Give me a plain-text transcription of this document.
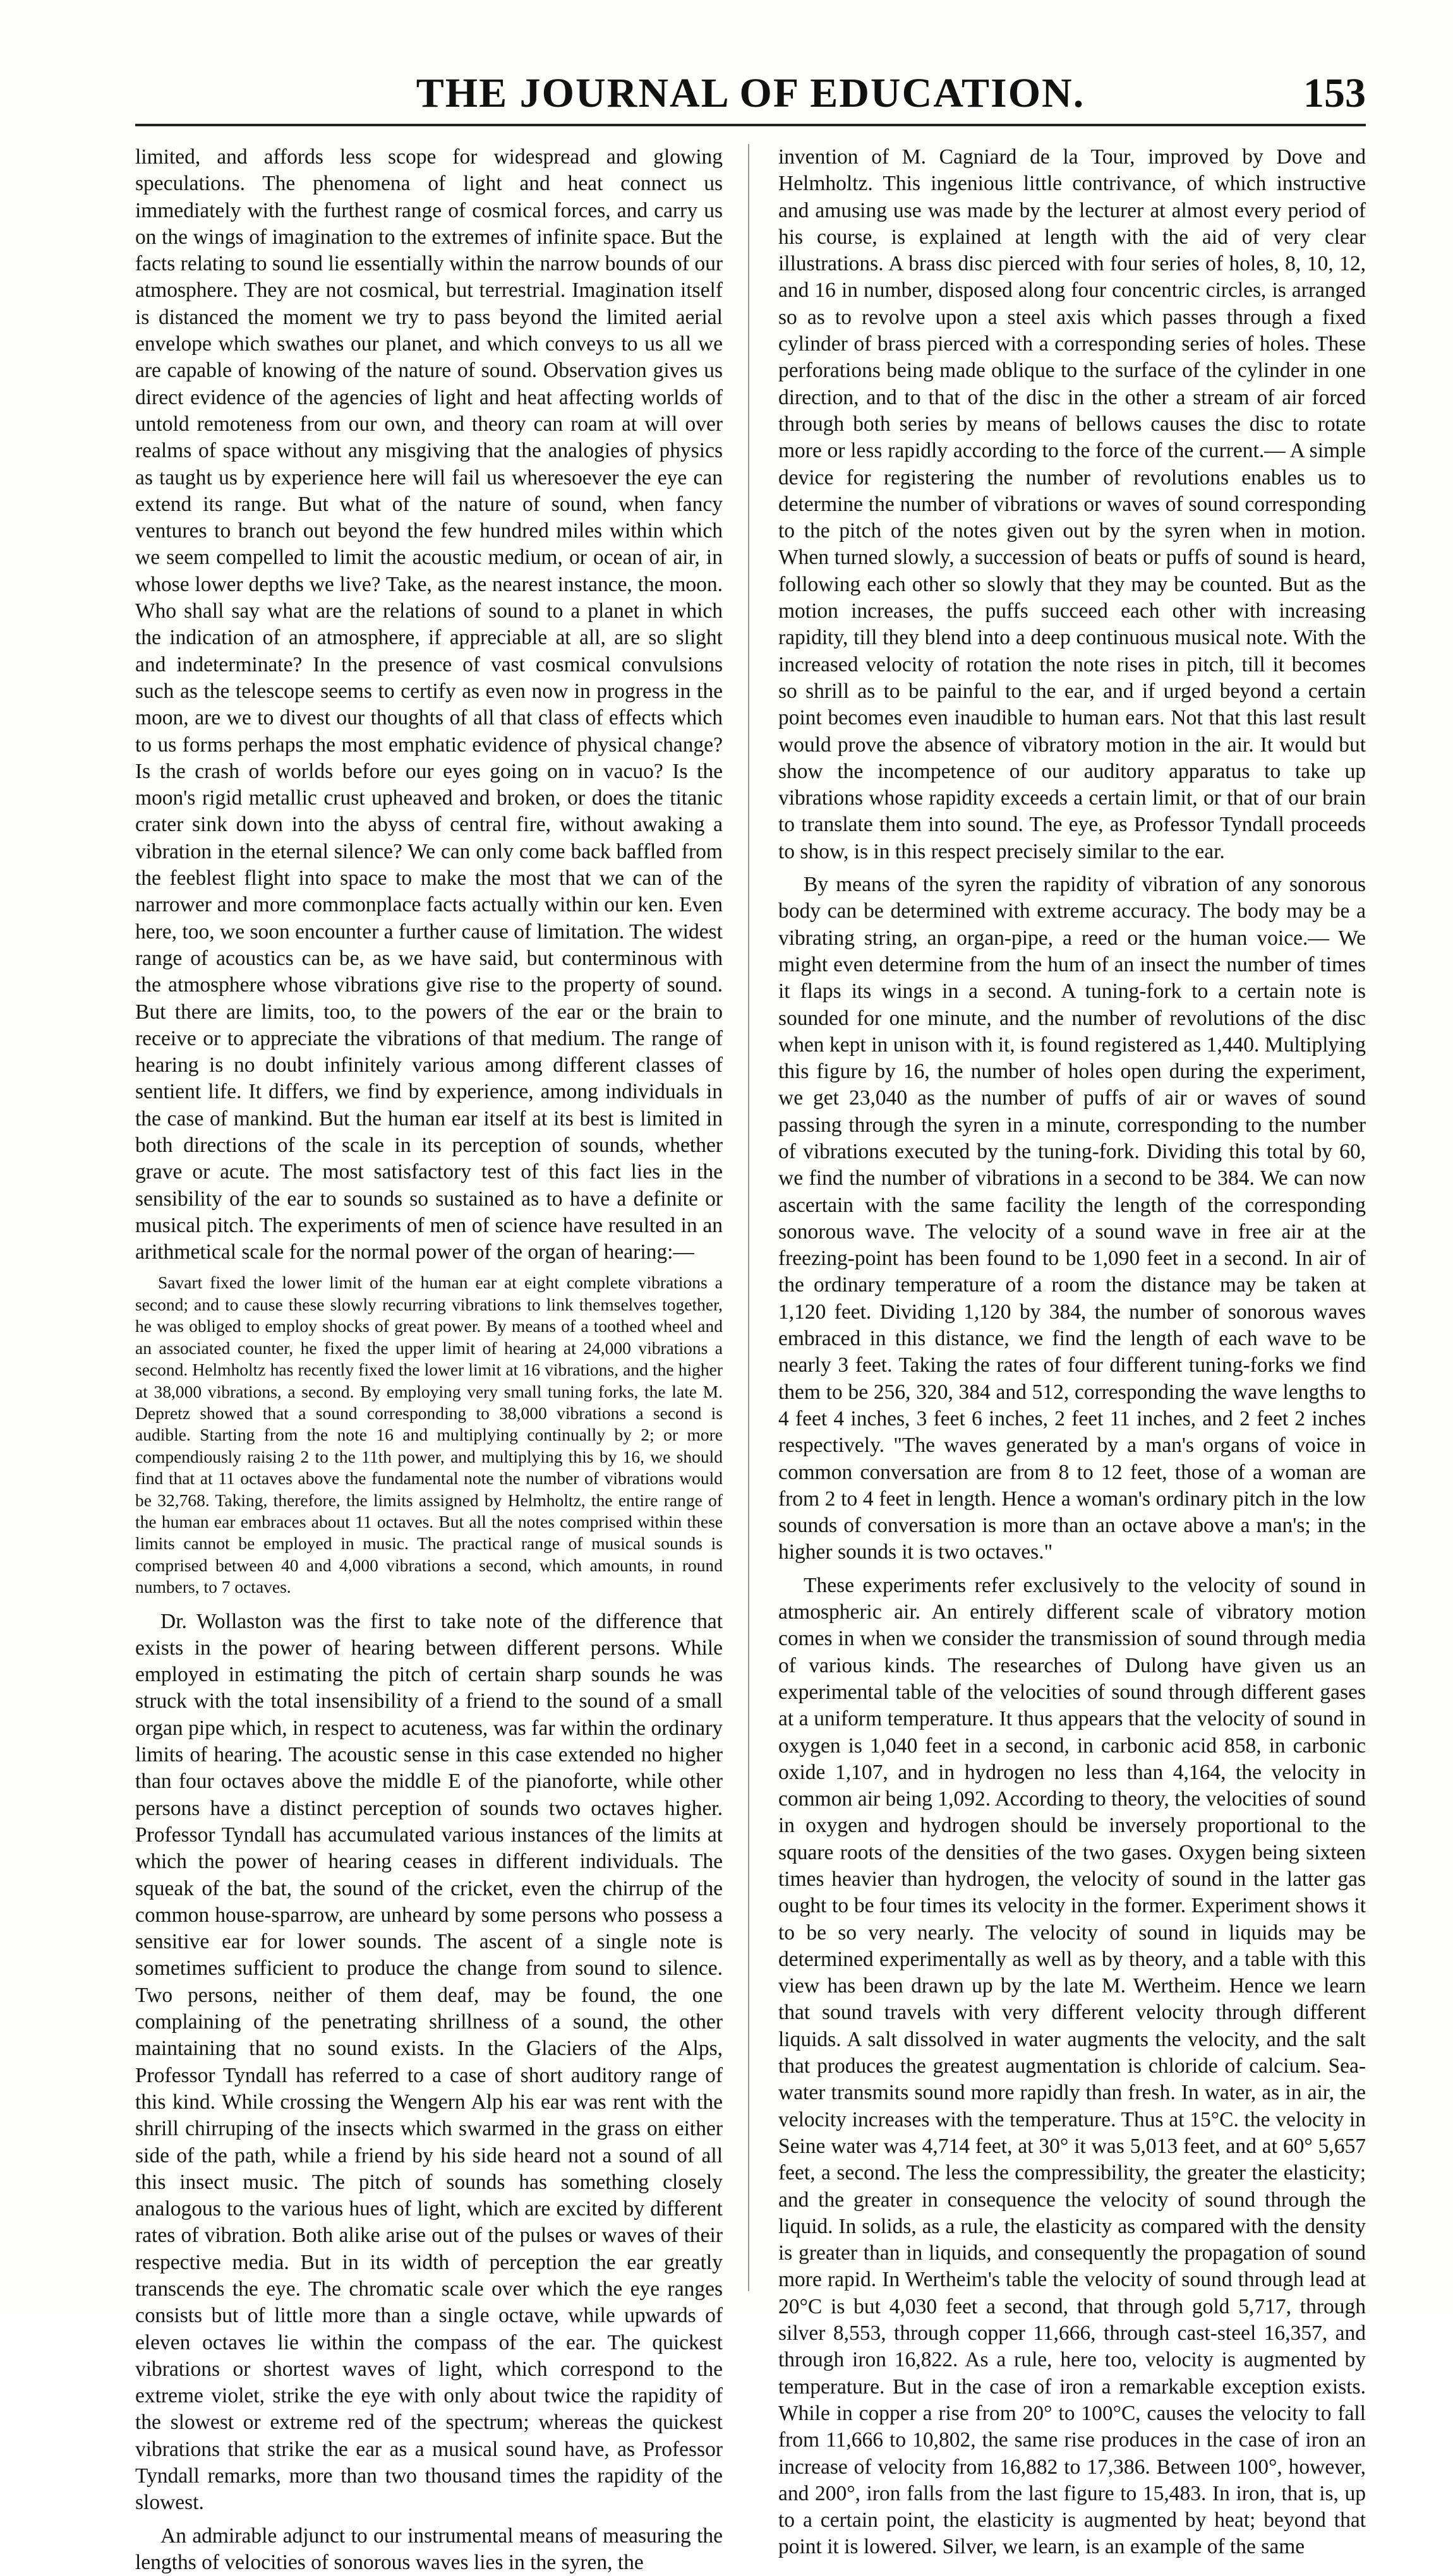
THE JOURNAL OF EDUCATION.	153

limited, and affords less scope for widespread and glowing speculations. The phenomena of light and heat connect us immediately with the furthest range of cosmical forces, and carry us on the wings of imagination to the extremes of infinite space. But the facts relating to sound lie essentially within the narrow bounds of our atmosphere. They are not cosmical, but terrestrial. Imagination itself is distanced the moment we try to pass beyond the limited aerial envelope which swathes our planet, and which conveys to us all we are capable of knowing of the nature of sound. Observation gives us direct evidence of the agencies of light and heat affecting worlds of untold remoteness from our own, and theory can roam at will over realms of space without any misgiving that the analogies of physics as taught us by experience here will fail us wheresoever the eye can extend its range. But what of the nature of sound, when fancy ventures to branch out beyond the few hundred miles within which we seem compelled to limit the acoustic medium, or ocean of air, in whose lower depths we live? Take, as the nearest instance, the moon. Who shall say what are the relations of sound to a planet in which the indication of an atmosphere, if appreciable at all, are so slight and indeterminate? In the presence of vast cosmical convulsions such as the telescope seems to certify as even now in progress in the moon, are we to divest our thoughts of all that class of effects which to us forms perhaps the most emphatic evidence of physical change? Is the crash of worlds before our eyes going on in vacuo? Is the moon's rigid metallic crust upheaved and broken, or does the titanic crater sink down into the abyss of central fire, without awaking a vibration in the eternal silence? We can only come back baffled from the feeblest flight into space to make the most that we can of the narrower and more commonplace facts actually within our ken. Even here, too, we soon encounter a further cause of limitation. The widest range of acoustics can be, as we have said, but conterminous with the atmosphere whose vibrations give rise to the property of sound. But there are limits, too, to the powers of the ear or the brain to receive or to appreciate the vibrations of that medium. The range of hearing is no doubt infinitely various among different classes of sentient life. It differs, we find by experience, among individuals in the case of mankind. But the human ear itself at its best is limited in both directions of the scale in its perception of sounds, whether grave or acute. The most satisfactory test of this fact lies in the sensibility of the ear to sounds so sustained as to have a definite or musical pitch. The experiments of men of science have resulted in an arithmetical scale for the normal power of the organ of hearing:—

Savart fixed the lower limit of the human ear at eight complete vibrations a second; and to cause these slowly recurring vibrations to link themselves together, he was obliged to employ shocks of great power. By means of a toothed wheel and an associated counter, he fixed the upper limit of hearing at 24,000 vibrations a second. Helmholtz has recently fixed the lower limit at 16 vibrations, and the higher at 38,000 vibrations, a second. By employing very small tuning forks, the late M. Depretz showed that a sound corresponding to 38,000 vibrations a second is audible. Starting from the note 16 and multiplying continually by 2; or more compendiously raising 2 to the 11th power, and multiplying this by 16, we should find that at 11 octaves above the fundamental note the number of vibrations would be 32,768. Taking, therefore, the limits assigned by Helmholtz, the entire range of the human ear embraces about 11 octaves. But all the notes comprised within these limits cannot be employed in music. The practical range of musical sounds is comprised between 40 and 4,000 vibrations a second, which amounts, in round numbers, to 7 octaves.

Dr. Wollaston was the first to take note of the difference that exists in the power of hearing between different persons. While employed in estimating the pitch of certain sharp sounds he was struck with the total insensibility of a friend to the sound of a small organ pipe which, in respect to acuteness, was far within the ordinary limits of hearing. The acoustic sense in this case extended no higher than four octaves above the middle E of the pianoforte, while other persons have a distinct perception of sounds two octaves higher. Professor Tyndall has accumulated various instances of the limits at which the power of hearing ceases in different individuals. The squeak of the bat, the sound of the cricket, even the chirrup of the common house-sparrow, are unheard by some persons who possess a sensitive ear for lower sounds. The ascent of a single note is sometimes sufficient to produce the change from sound to silence. Two persons, neither of them deaf, may be found, the one complaining of the penetrating shrillness of a sound, the other maintaining that no sound exists. In the Glaciers of the Alps, Professor Tyndall has referred to a case of short auditory range of this kind. While crossing the Wengern Alp his ear was rent with the shrill chirruping of the insects which swarmed in the grass on either side of the path, while a friend by his side heard not a sound of all this insect music. The pitch of sounds has something closely analogous to the various hues of light, which are excited by different rates of vibration. Both alike arise out of the pulses or waves of their respective media. But in its width of perception the ear greatly transcends the eye. The chromatic scale over which the eye ranges consists but of little more than a single octave, while upwards of eleven octaves lie within the compass of the ear. The quickest vibrations or shortest waves of light, which correspond to the extreme violet, strike the eye with only about twice the rapidity of the slowest or extreme red of the spectrum; whereas the quickest vibrations that strike the ear as a musical sound have, as Professor Tyndall remarks, more than two thousand times the rapidity of the slowest.

An admirable adjunct to our instrumental means of measuring the lengths of velocities of sonorous waves lies in the syren, the

invention of M. Cagniard de la Tour, improved by Dove and Helmholtz. This ingenious little contrivance, of which instructive and amusing use was made by the lecturer at almost every period of his course, is explained at length with the aid of very clear illustrations. A brass disc pierced with four series of holes, 8, 10, 12, and 16 in number, disposed along four concentric circles, is arranged so as to revolve upon a steel axis which passes through a fixed cylinder of brass pierced with a corresponding series of holes. These perforations being made oblique to the surface of the cylinder in one direction, and to that of the disc in the other a stream of air forced through both series by means of bellows causes the disc to rotate more or less rapidly according to the force of the current.— A simple device for registering the number of revolutions enables us to determine the number of vibrations or waves of sound corresponding to the pitch of the notes given out by the syren when in motion. When turned slowly, a succession of beats or puffs of sound is heard, following each other so slowly that they may be counted. But as the motion increases, the puffs succeed each other with increasing rapidity, till they blend into a deep continuous musical note. With the increased velocity of rotation the note rises in pitch, till it becomes so shrill as to be painful to the ear, and if urged beyond a certain point becomes even inaudible to human ears. Not that this last result would prove the absence of vibratory motion in the air. It would but show the incompetence of our auditory apparatus to take up vibrations whose rapidity exceeds a certain limit, or that of our brain to translate them into sound. The eye, as Professor Tyndall proceeds to show, is in this respect precisely similar to the ear.

By means of the syren the rapidity of vibration of any sonorous body can be determined with extreme accuracy. The body may be a vibrating string, an organ-pipe, a reed or the human voice.— We might even determine from the hum of an insect the number of times it flaps its wings in a second. A tuning-fork to a certain note is sounded for one minute, and the number of revolutions of the disc when kept in unison with it, is found registered as 1,440. Multiplying this figure by 16, the number of holes open during the experiment, we get 23,040 as the number of puffs of air or waves of sound passing through the syren in a minute, corresponding to the number of vibrations executed by the tuning-fork. Dividing this total by 60, we find the number of vibrations in a second to be 384. We can now ascertain with the same facility the length of the corresponding sonorous wave. The velocity of a sound wave in free air at the freezing-point has been found to be 1,090 feet in a second. In air of the ordinary temperature of a room the distance may be taken at 1,120 feet. Dividing 1,120 by 384, the number of sonorous waves embraced in this distance, we find the length of each wave to be nearly 3 feet. Taking the rates of four different tuning-forks we find them to be 256, 320, 384 and 512, corresponding the wave lengths to 4 feet 4 inches, 3 feet 6 inches, 2 feet 11 inches, and 2 feet 2 inches respectively. "The waves generated by a man's organs of voice in common conversation are from 8 to 12 feet, those of a woman are from 2 to 4 feet in length. Hence a woman's ordinary pitch in the low sounds of conversation is more than an octave above a man's; in the higher sounds it is two octaves."

These experiments refer exclusively to the velocity of sound in atmospheric air. An entirely different scale of vibratory motion comes in when we consider the transmission of sound through media of various kinds. The researches of Dulong have given us an experimental table of the velocities of sound through different gases at a uniform temperature. It thus appears that the velocity of sound in oxygen is 1,040 feet in a second, in carbonic acid 858, in carbonic oxide 1,107, and in hydrogen no less than 4,164, the velocity in common air being 1,092. According to theory, the velocities of sound in oxygen and hydrogen should be inversely proportional to the square roots of the densities of the two gases. Oxygen being sixteen times heavier than hydrogen, the velocity of sound in the latter gas ought to be four times its velocity in the former. Experiment shows it to be so very nearly. The velocity of sound in liquids may be determined experimentally as well as by theory, and a table with this view has been drawn up by the late M. Wertheim. Hence we learn that sound travels with very different velocity through different liquids. A salt dissolved in water augments the velocity, and the salt that produces the greatest augmentation is chloride of calcium. Sea-water transmits sound more rapidly than fresh. In water, as in air, the velocity increases with the temperature. Thus at 15°C. the velocity in Seine water was 4,714 feet, at 30° it was 5,013 feet, and at 60° 5,657 feet, a second. The less the compressibility, the greater the elasticity; and the greater in consequence the velocity of sound through the liquid. In solids, as a rule, the elasticity as compared with the density is greater than in liquids, and consequently the propagation of sound more rapid. In Wertheim's table the velocity of sound through lead at 20°C is but 4,030 feet a second, that through gold 5,717, through silver 8,553, through copper 11,666, through cast-steel 16,357, and through iron 16,822. As a rule, here too, velocity is augmented by temperature. But in the case of iron a remarkable exception exists. While in copper a rise from 20° to 100°C, causes the velocity to fall from 11,666 to 10,802, the same rise produces in the case of iron an increase of velocity from 16,882 to 17,386. Between 100°, however, and 200°, iron falls from the last figure to 15,483. In iron, that is, up to a certain point, the elasticity is augmented by heat; beyond that point it is lowered. Silver, we learn, is an example of the same
